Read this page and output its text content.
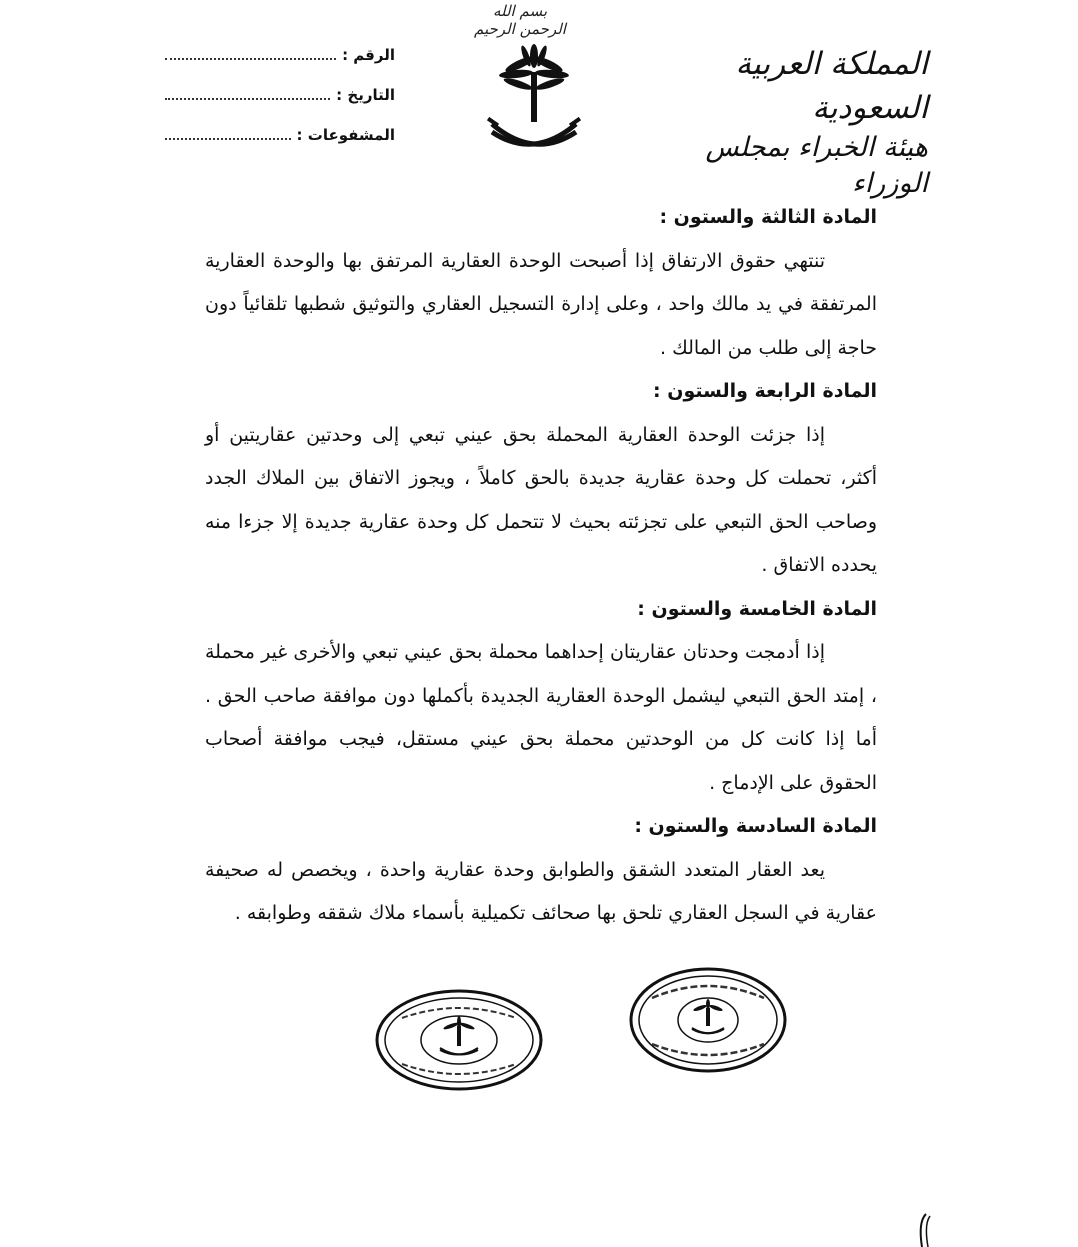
بسم الله الرحمن الرحيم
المملكة العربية السعودية
هيئة الخبراء بمجلس الوزراء
الرقم :
التاريخ :
المشفوعات :

المادة الثالثة والستون :

تنتهي حقوق الارتفاق إذا أصبحت الوحدة العقارية المرتفق بها والوحدة العقارية المرتفقة في يد مالك واحد ، وعلى إدارة التسجيل العقاري والتوثيق شطبها تلقائياً دون حاجة إلى طلب من المالك .

المادة الرابعة والستون :

إذا جزئت الوحدة العقارية المحملة بحق عيني تبعي إلى وحدتين عقاريتين أو أكثر، تحملت كل وحدة عقارية جديدة بالحق كاملاً ، ويجوز الاتفاق بين الملاك الجدد وصاحب الحق التبعي على تجزئته بحيث لا تتحمل كل وحدة عقارية جديدة إلا جزءا منه يحدده الاتفاق .

المادة الخامسة والستون :

إذا أدمجت وحدتان عقاريتان إحداهما محملة بحق عيني تبعي والأخرى غير محملة ، إمتد الحق التبعي ليشمل الوحدة العقارية الجديدة بأكملها دون موافقة صاحب الحق . أما إذا كانت كل من الوحدتين محملة بحق عيني مستقل، فيجب موافقة أصحاب الحقوق على الإدماج .

المادة السادسة والستون :

يعد العقار المتعدد الشقق والطوابق وحدة عقارية واحدة ، ويخصص له صحيفة عقارية في السجل العقاري تلحق بها صحائف تكميلية بأسماء ملاك شققه وطوابقه .
